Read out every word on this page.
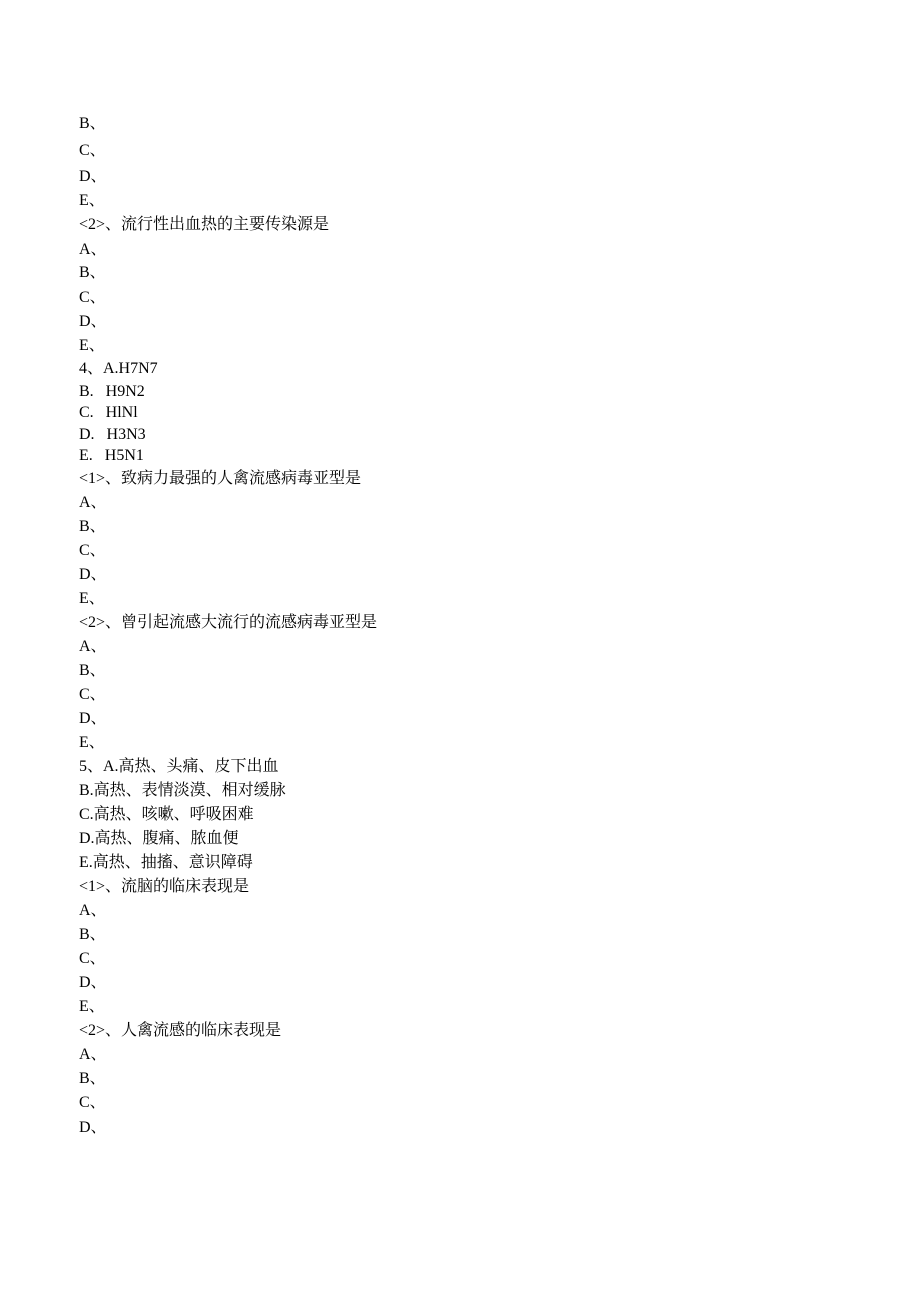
B、
C、
D、
E、
<2>、流行性出血热的主要传染源是
A、
B、
C、
D、
E、
4、A.H7N7
B.   H9N2
C.   HlNl
D.   H3N3
E.   H5N1
<1>、致病力最强的人禽流感病毒亚型是
A、
B、
C、
D、
E、
<2>、曾引起流感大流行的流感病毒亚型是
A、
B、
C、
D、
E、
5、A.高热、头痛、皮下出血
B.高热、表情淡漠、相对缓脉
C.高热、咳嗽、呼吸困难
D.高热、腹痛、脓血便
E.高热、抽搐、意识障碍
<1>、流脑的临床表现是
A、
B、
C、
D、
E、
<2>、人禽流感的临床表现是
A、
B、
C、
D、
